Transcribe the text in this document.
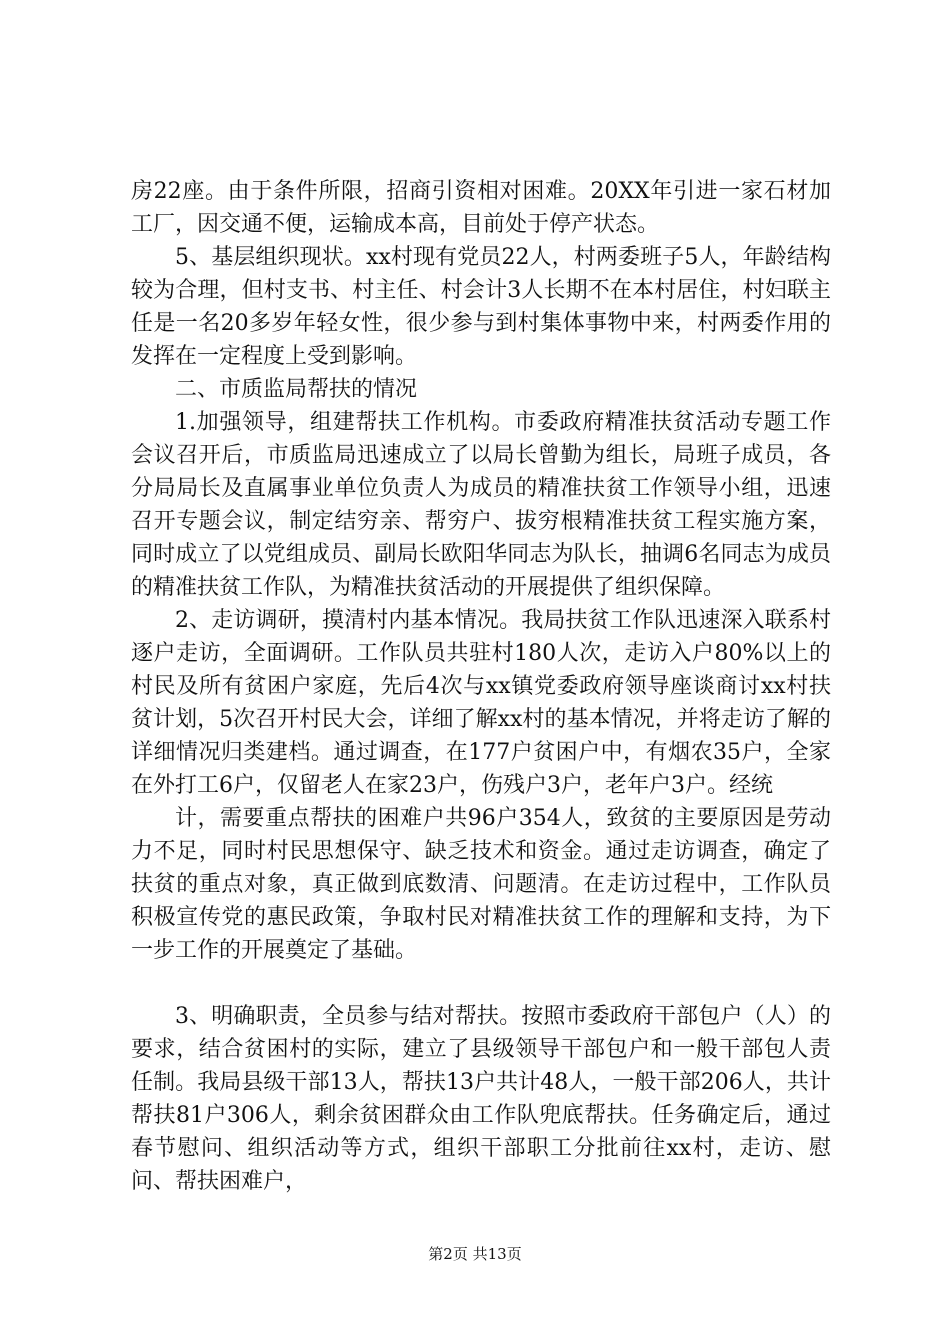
房22座。由于条件所限，招商引资相对困难。20XX年引进一家石材加工厂，因交通不便，运输成本高，目前处于停产状态。

5、基层组织现状。xx村现有党员22人，村两委班子5人，年龄结构较为合理，但村支书、村主任、村会计3人长期不在本村居住，村妇联主任是一名20多岁年轻女性，很少参与到村集体事物中来，村两委作用的发挥在一定程度上受到影响。

二、市质监局帮扶的情况

1.加强领导，组建帮扶工作机构。市委政府精准扶贫活动专题工作会议召开后，市质监局迅速成立了以局长曾勤为组长，局班子成员，各分局局长及直属事业单位负责人为成员的精准扶贫工作领导小组，迅速召开专题会议，制定结穷亲、帮穷户、拔穷根精准扶贫工程实施方案，同时成立了以党组成员、副局长欧阳华同志为队长，抽调6名同志为成员的精准扶贫工作队，为精准扶贫活动的开展提供了组织保障。

2、走访调研，摸清村内基本情况。我局扶贫工作队迅速深入联系村逐户走访，全面调研。工作队员共驻村180人次，走访入户80%以上的村民及所有贫困户家庭，先后4次与xx镇党委政府领导座谈商讨xx村扶贫计划，5次召开村民大会，详细了解xx村的基本情况，并将走访了解的详细情况归类建档。通过调查，在177户贫困户中，有烟农35户，全家在外打工6户，仅留老人在家23户，伤残户3户，老年户3户。经统

计，需要重点帮扶的困难户共96户354人，致贫的主要原因是劳动力不足，同时村民思想保守、缺乏技术和资金。通过走访调查，确定了扶贫的重点对象，真正做到底数清、问题清。在走访过程中，工作队员积极宣传党的惠民政策，争取村民对精准扶贫工作的理解和支持，为下一步工作的开展奠定了基础。

3、明确职责，全员参与结对帮扶。按照市委政府干部包户（人）的要求，结合贫困村的实际，建立了县级领导干部包户和一般干部包人责任制。我局县级干部13人，帮扶13户共计48人，一般干部206人，共计帮扶81户306人，剩余贫困群众由工作队兜底帮扶。任务确定后，通过春节慰问、组织活动等方式，组织干部职工分批前往xx村，走访、慰问、帮扶困难户，

第2页 共13页
